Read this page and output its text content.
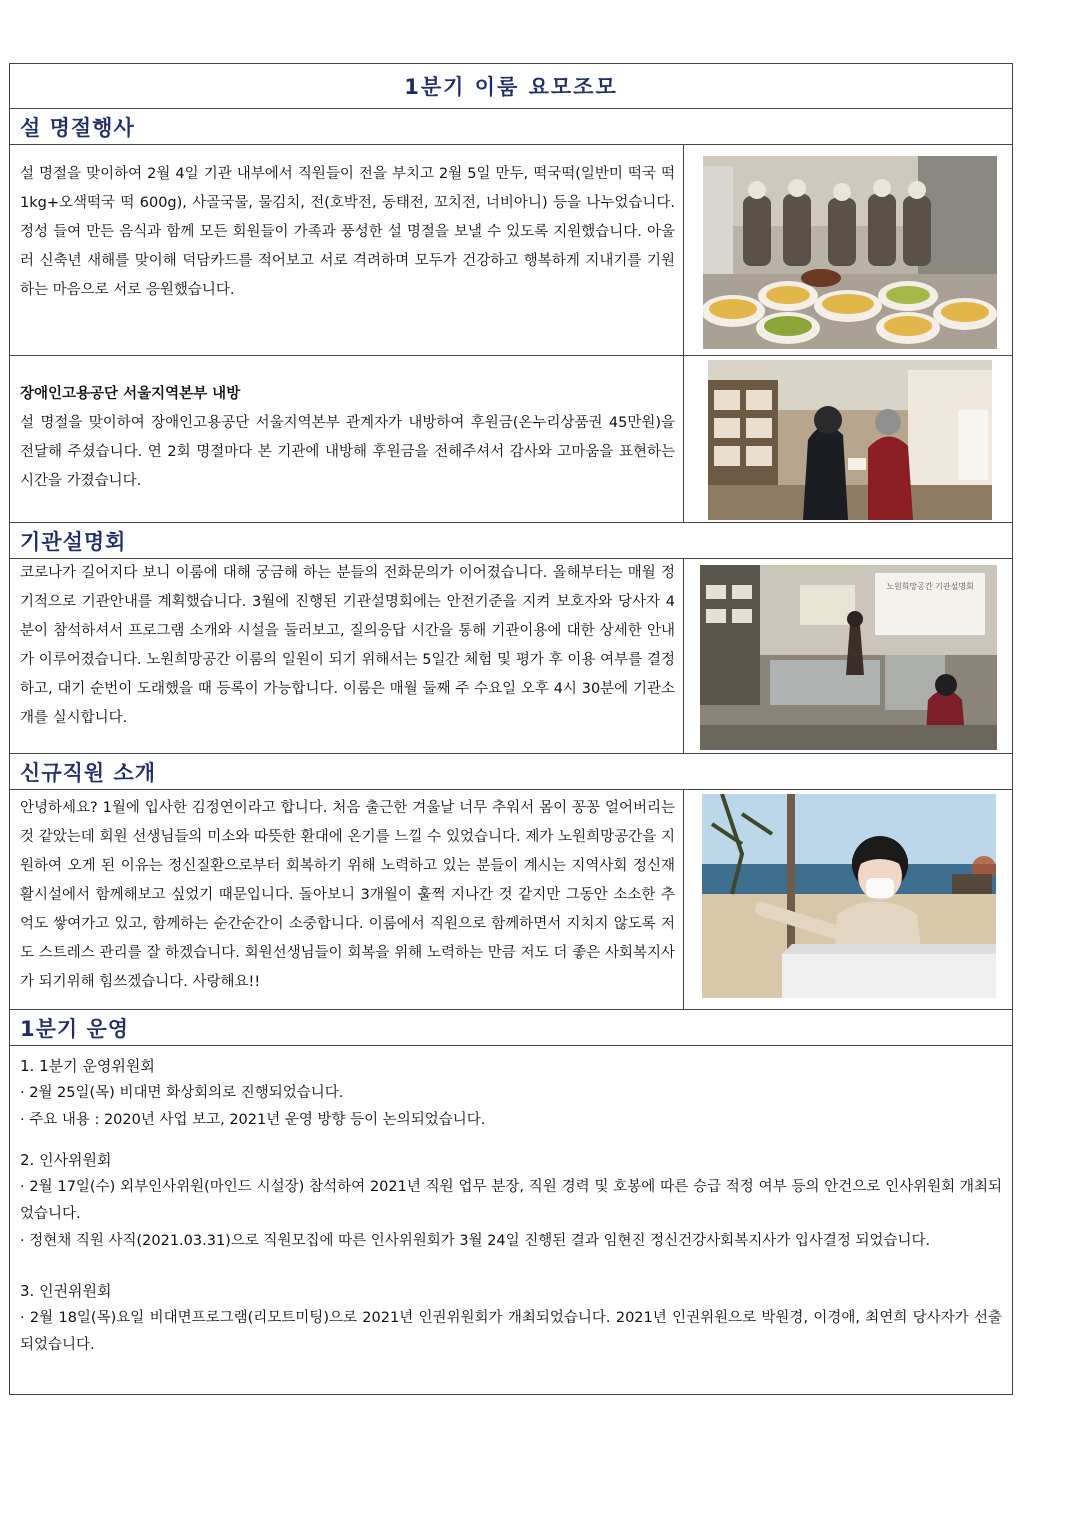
1분기 이룸 요모조모
설 명절행사

설 명절을 맞이하여 2월 4일 기관 내부에서 직원들이 전을 부치고 2월 5일 만두, 떡국떡(일반미 떡국 떡 1kg+오색떡국 떡 600g), 사골국물, 물김치, 전(호박전, 동태전, 꼬치전, 너비아니) 등을 나누었습니다. 정성 들여 만든 음식과 함께 모든 회원들이 가족과 풍성한 설 명절을 보낼 수 있도록 지원했습니다. 아울러 신축년 새해를 맞이해 덕담카드를 적어보고 서로 격려하며 모두가 건강하고 행복하게 지내기를 기원하는 마음으로 서로 응원했습니다.

장애인고용공단 서울지역본부 내방

설 명절을 맞이하여 장애인고용공단 서울지역본부 관계자가 내방하여 후원금(온누리상품권 45만원)을 전달해 주셨습니다. 연 2회 명절마다 본 기관에 내방해 후원금을 전해주셔서 감사와 고마움을 표현하는 시간을 가졌습니다.

기관설명회

코로나가 길어지다 보니 이룸에 대해 궁금해 하는 분들의 전화문의가 이어졌습니다. 올해부터는 매월 정기적으로 기관안내를 계획했습니다. 3월에 진행된 기관설명회에는 안전기준을 지켜 보호자와 당사자 4분이 참석하셔서 프로그램 소개와 시설을 둘러보고, 질의응답 시간을 통해 기관이용에 대한 상세한 안내가 이루어졌습니다. 노원희망공간 이룸의 일원이 되기 위해서는 5일간 체험 및 평가 후 이용 여부를 결정하고, 대기 순번이 도래했을 때 등록이 가능합니다. 이룸은 매월 둘째 주 수요일 오후 4시 30분에 기관소개를 실시합니다.

노원희망공간 기관설명회
신규직원 소개

안녕하세요? 1월에 입사한 김정연이라고 합니다. 처음 출근한 겨울날 너무 추워서 몸이 꽁꽁 얼어버리는 것 같았는데 회원 선생님들의 미소와 따뜻한 환대에 온기를 느낄 수 있었습니다. 제가 노원희망공간을 지원하여 오게 된 이유는 정신질환으로부터 회복하기 위해 노력하고 있는 분들이 계시는 지역사회 정신재활시설에서 함께해보고 싶었기 때문입니다. 돌아보니 3개월이 훌쩍 지나간 것 같지만 그동안 소소한 추억도 쌓여가고 있고, 함께하는 순간순간이 소중합니다. 이룸에서 직원으로 함께하면서 지치지 않도록 저도 스트레스 관리를 잘 하겠습니다. 회원선생님들이 회복을 위해 노력하는 만큼 저도 더 좋은 사회복지사가 되기위해 힘쓰겠습니다. 사랑해요!!

1분기 운영

1. 1분기 운영위원회

· 2월 25일(목) 비대면 화상회의로 진행되었습니다.

· 주요 내용 : 2020년 사업 보고, 2021년 운영 방향 등이 논의되었습니다.

2. 인사위원회

· 2월 17일(수) 외부인사위원(마인드 시설장) 참석하여 2021년 직원 업무 분장, 직원 경력 및 호봉에 따른 승급 적정 여부 등의 안건으로 인사위원회 개최되었습니다.

· 정현채 직원 사직(2021.03.31)으로 직원모집에 따른 인사위원회가 3월 24일 진행된 결과 임현진 정신건강사회복지사가 입사결정 되었습니다.

3. 인권위원회

· 2월 18일(목)요일 비대면프로그램(리모트미팅)으로 2021년 인권위원회가 개최되었습니다. 2021년 인권위원으로 박원경, 이경애, 최연희 당사자가 선출되었습니다.
